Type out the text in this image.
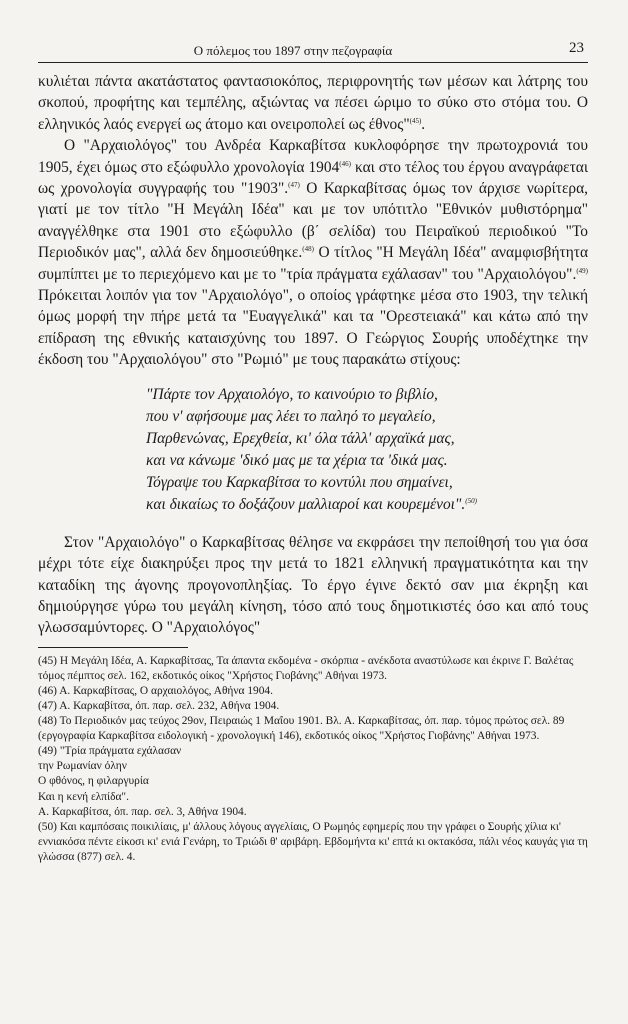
Ο πόλεμος του 1897 στην πεζογραφία	23

κυλιέται πάντα ακατάστατος φαντασιοκόπος, περιφρονητής των μέσων και λάτρης του σκοπού, προφήτης και τεμπέλης, αξιώντας να πέσει ώριμο το σύκο στο στόμα του. Ο ελληνικός λαός ενεργεί ως άτομο και ονειροπολεί ως έθνος"$^{(45)}$.

Ο "Αρχαιολόγος" του Ανδρέα Καρκαβίτσα κυκλοφόρησε την πρωτοχρονιά του 1905, έχει όμως στο εξώφυλλο χρονολογία 1904$^{(46)}$ και στο τέλος του έργου αναγράφεται ως χρονολογία συγγραφής του "1903".$^{(47)}$ Ο Καρκαβίτσας όμως τον άρχισε νωρίτερα, γιατί με τον τίτλο "Η Μεγάλη Ιδέα" και με τον υπότιτλο "Εθνικόν μυθιστόρημα" αναγγέλθηκε στα 1901 στο εξώφυλλο (β΄ σελίδα) του Πειραϊκού περιοδικού "Το Περιοδικόν μας", αλλά δεν δημοσιεύθηκε.$^{(48)}$ Ο τίτλος "Η Μεγάλη Ιδέα" αναμφισβήτητα συμπίπτει με το περιεχόμενο και με το "τρία πράγματα εχάλασαν" του "Αρχαιολόγου".$^{(49)}$ Πρόκειται λοιπόν για τον "Αρχαιολόγο", ο οποίος γράφτηκε μέσα στο 1903, την τελική όμως μορφή την πήρε μετά τα "Ευαγγελικά" και τα "Ορεστειακά" και κάτω από την επίδραση της εθνικής καταισχύνης του 1897. Ο Γεώργιος Σουρής υποδέχτηκε την έκδοση του "Αρχαιολόγου" στο "Ρωμιό" με τους παρακάτω στίχους:

"Πάρτε τον Αρχαιολόγο, το καινούριο το βιβλίο,
που ν' αφήσουμε μας λέει το παληό το μεγαλείο,
Παρθενώνας, Ερεχθεία, κι' όλα τάλλ' αρχαϊκά μας,
και να κάνωμε 'δικό μας με τα χέρια τα 'δικά μας.
Τόγραψε του Καρκαβίτσα το κοντύλι που σημαίνει,
και δικαίως το δοξάζουν μαλλιαροί και κουρεμένοι".$^{(50)}$

Στον "Αρχαιολόγο" ο Καρκαβίτσας θέλησε να εκφράσει την πεποίθησή του για όσα μέχρι τότε είχε διακηρύξει προς την μετά το 1821 ελληνική πραγματικότητα και την καταδίκη της άγονης προγονοπληξίας. Το έργο έγινε δεκτό σαν μια έκρηξη και δημιούργησε γύρω του μεγάλη κίνηση, τόσο από τους δημοτικιστές όσο και από τους γλωσσαμύντορες. Ο "Αρχαιολόγος"

(45) Η Μεγάλη Ιδέα, Α. Καρκαβίτσας, Τα άπαντα εκδομένα - σκόρπια - ανέκδοτα αναστύλωσε και έκρινε Γ. Βαλέτας τόμος πέμπτος σελ. 162, εκδοτικός οίκος "Χρήστος Γιοβάνης" Αθήναι 1973.
(46) Α. Καρκαβίτσας, Ο αρχαιολόγος, Αθήνα 1904.
(47) Α. Καρκαβίτσα, όπ. παρ. σελ. 232, Αθήνα 1904.
(48) Το Περιοδικόν μας τεύχος 29ον, Πειραιώς 1 Μαΐου 1901. Βλ. Α. Καρκαβίτσας, όπ. παρ. τόμος πρώτος σελ. 89 (εργογραφία Καρκαβίτσα ειδολογική - χρονολογική 146), εκδοτικός οίκος "Χρήστος Γιοβάνης" Αθήναι 1973.
(49) "Τρία πράγματα εχάλασαν
την Ρωμανίαν όλην
Ο φθόνος, η φιλαργυρία
Και η κενή ελπίδα".
Α. Καρκαβίτσα, όπ. παρ. σελ. 3, Αθήνα 1904.
(50) Και καμπόσαις ποικιλίαις, μ' άλλους λόγους αγγελίαις, Ο Ρωμηός εφημερίς που την γράφει ο Σουρής χίλια κι' εννιακόσα πέντε είκοσι κι' ενιά Γενάρη, το Τριώδι θ' αριβάρη. Εβδομήντα κι' επτά κι οκτακόσα, πάλι νέος καυγάς για τη γλώσσα (877) σελ. 4.
